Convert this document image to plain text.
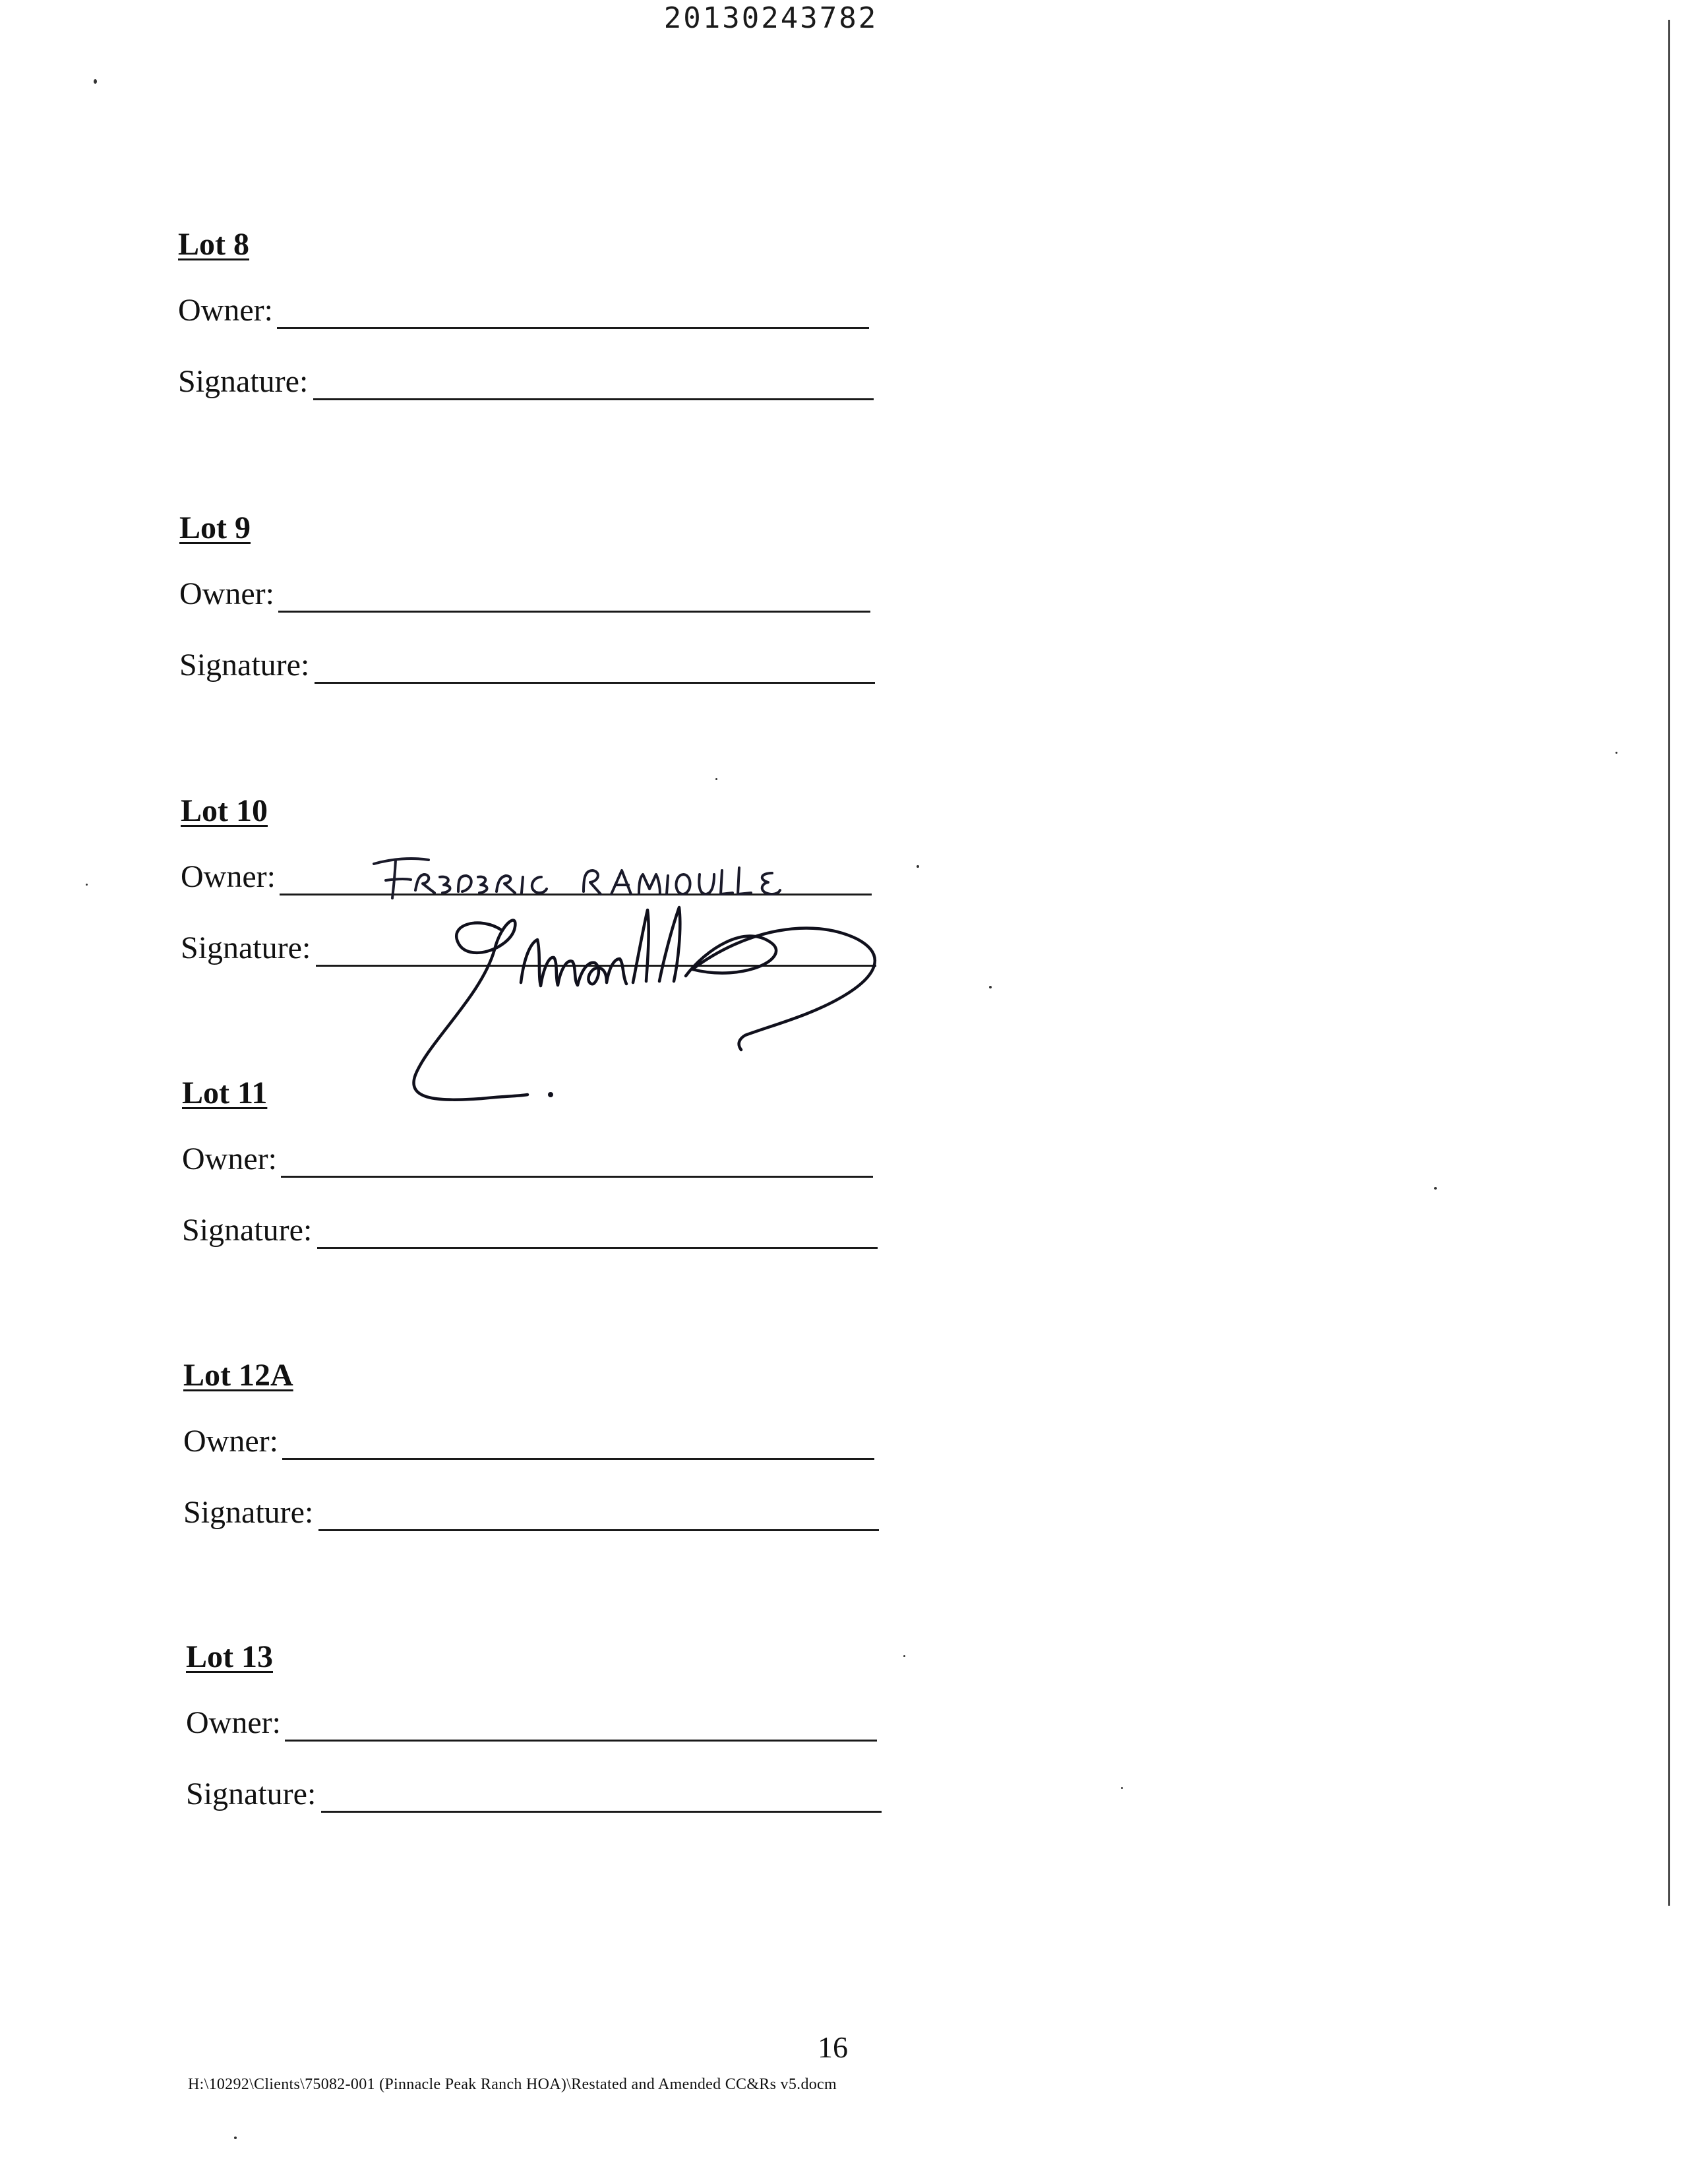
20130243782
Lot 8
Owner:
Signature:
Lot 9
Owner:
Signature:
Lot 10
Owner:
Signature:
Lot 11
Owner:
Signature:
Lot 12A
Owner:
Signature:
Lot 13
Owner:
Signature:
16
H:\10292\Clients\75082-001 (Pinnacle Peak Ranch HOA)\Restated and Amended CC&Rs v5.docm
